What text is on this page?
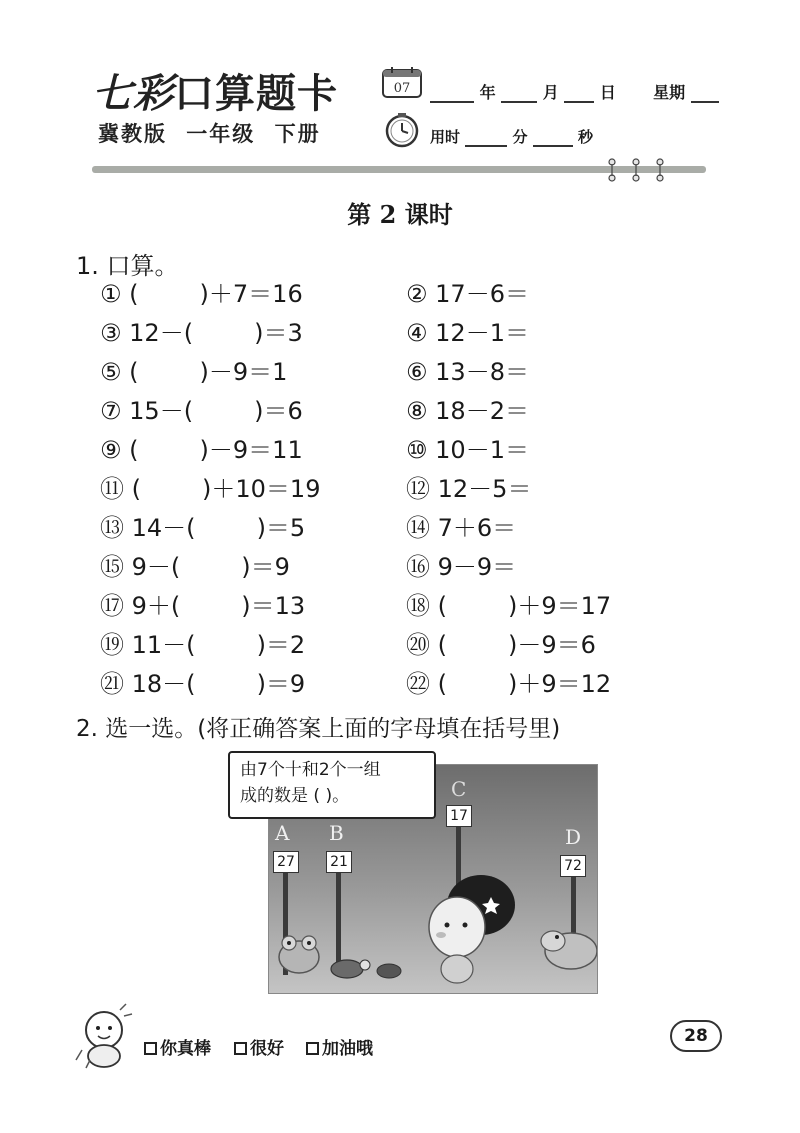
七彩口算题卡
冀教版 一年级 下册
07	年	月	日 星期
用时	分	秒
第 2 课时
1. 口算。
① (        )＋7＝16	② 17－6＝
③ 12－(        )＝3	④ 12－1＝
⑤ (        )－9＝1	⑥ 13－8＝
⑦ 15－(        )＝6	⑧ 18－2＝
⑨ (        )－9＝11	⑩ 10－1＝
⑪ (        )＋10＝19	⑫ 12－5＝
⑬ 14－(        )＝5	⑭ 7＋6＝
⑮ 9－(        )＝9	⑯ 9－9＝
⑰ 9＋(        )＝13	⑱ (        )＋9＝17
⑲ 11－(        )＝2	⑳ (        )－9＝6
㉑ 18－(        )＝9	㉒ (        )＋9＝12
2. 选一选。(将正确答案上面的字母填在括号里)
A
27
B
21
C
17
D
72
由7个十和2个一组
成的数是 ( )。
你真棒	很好	加油哦
28
